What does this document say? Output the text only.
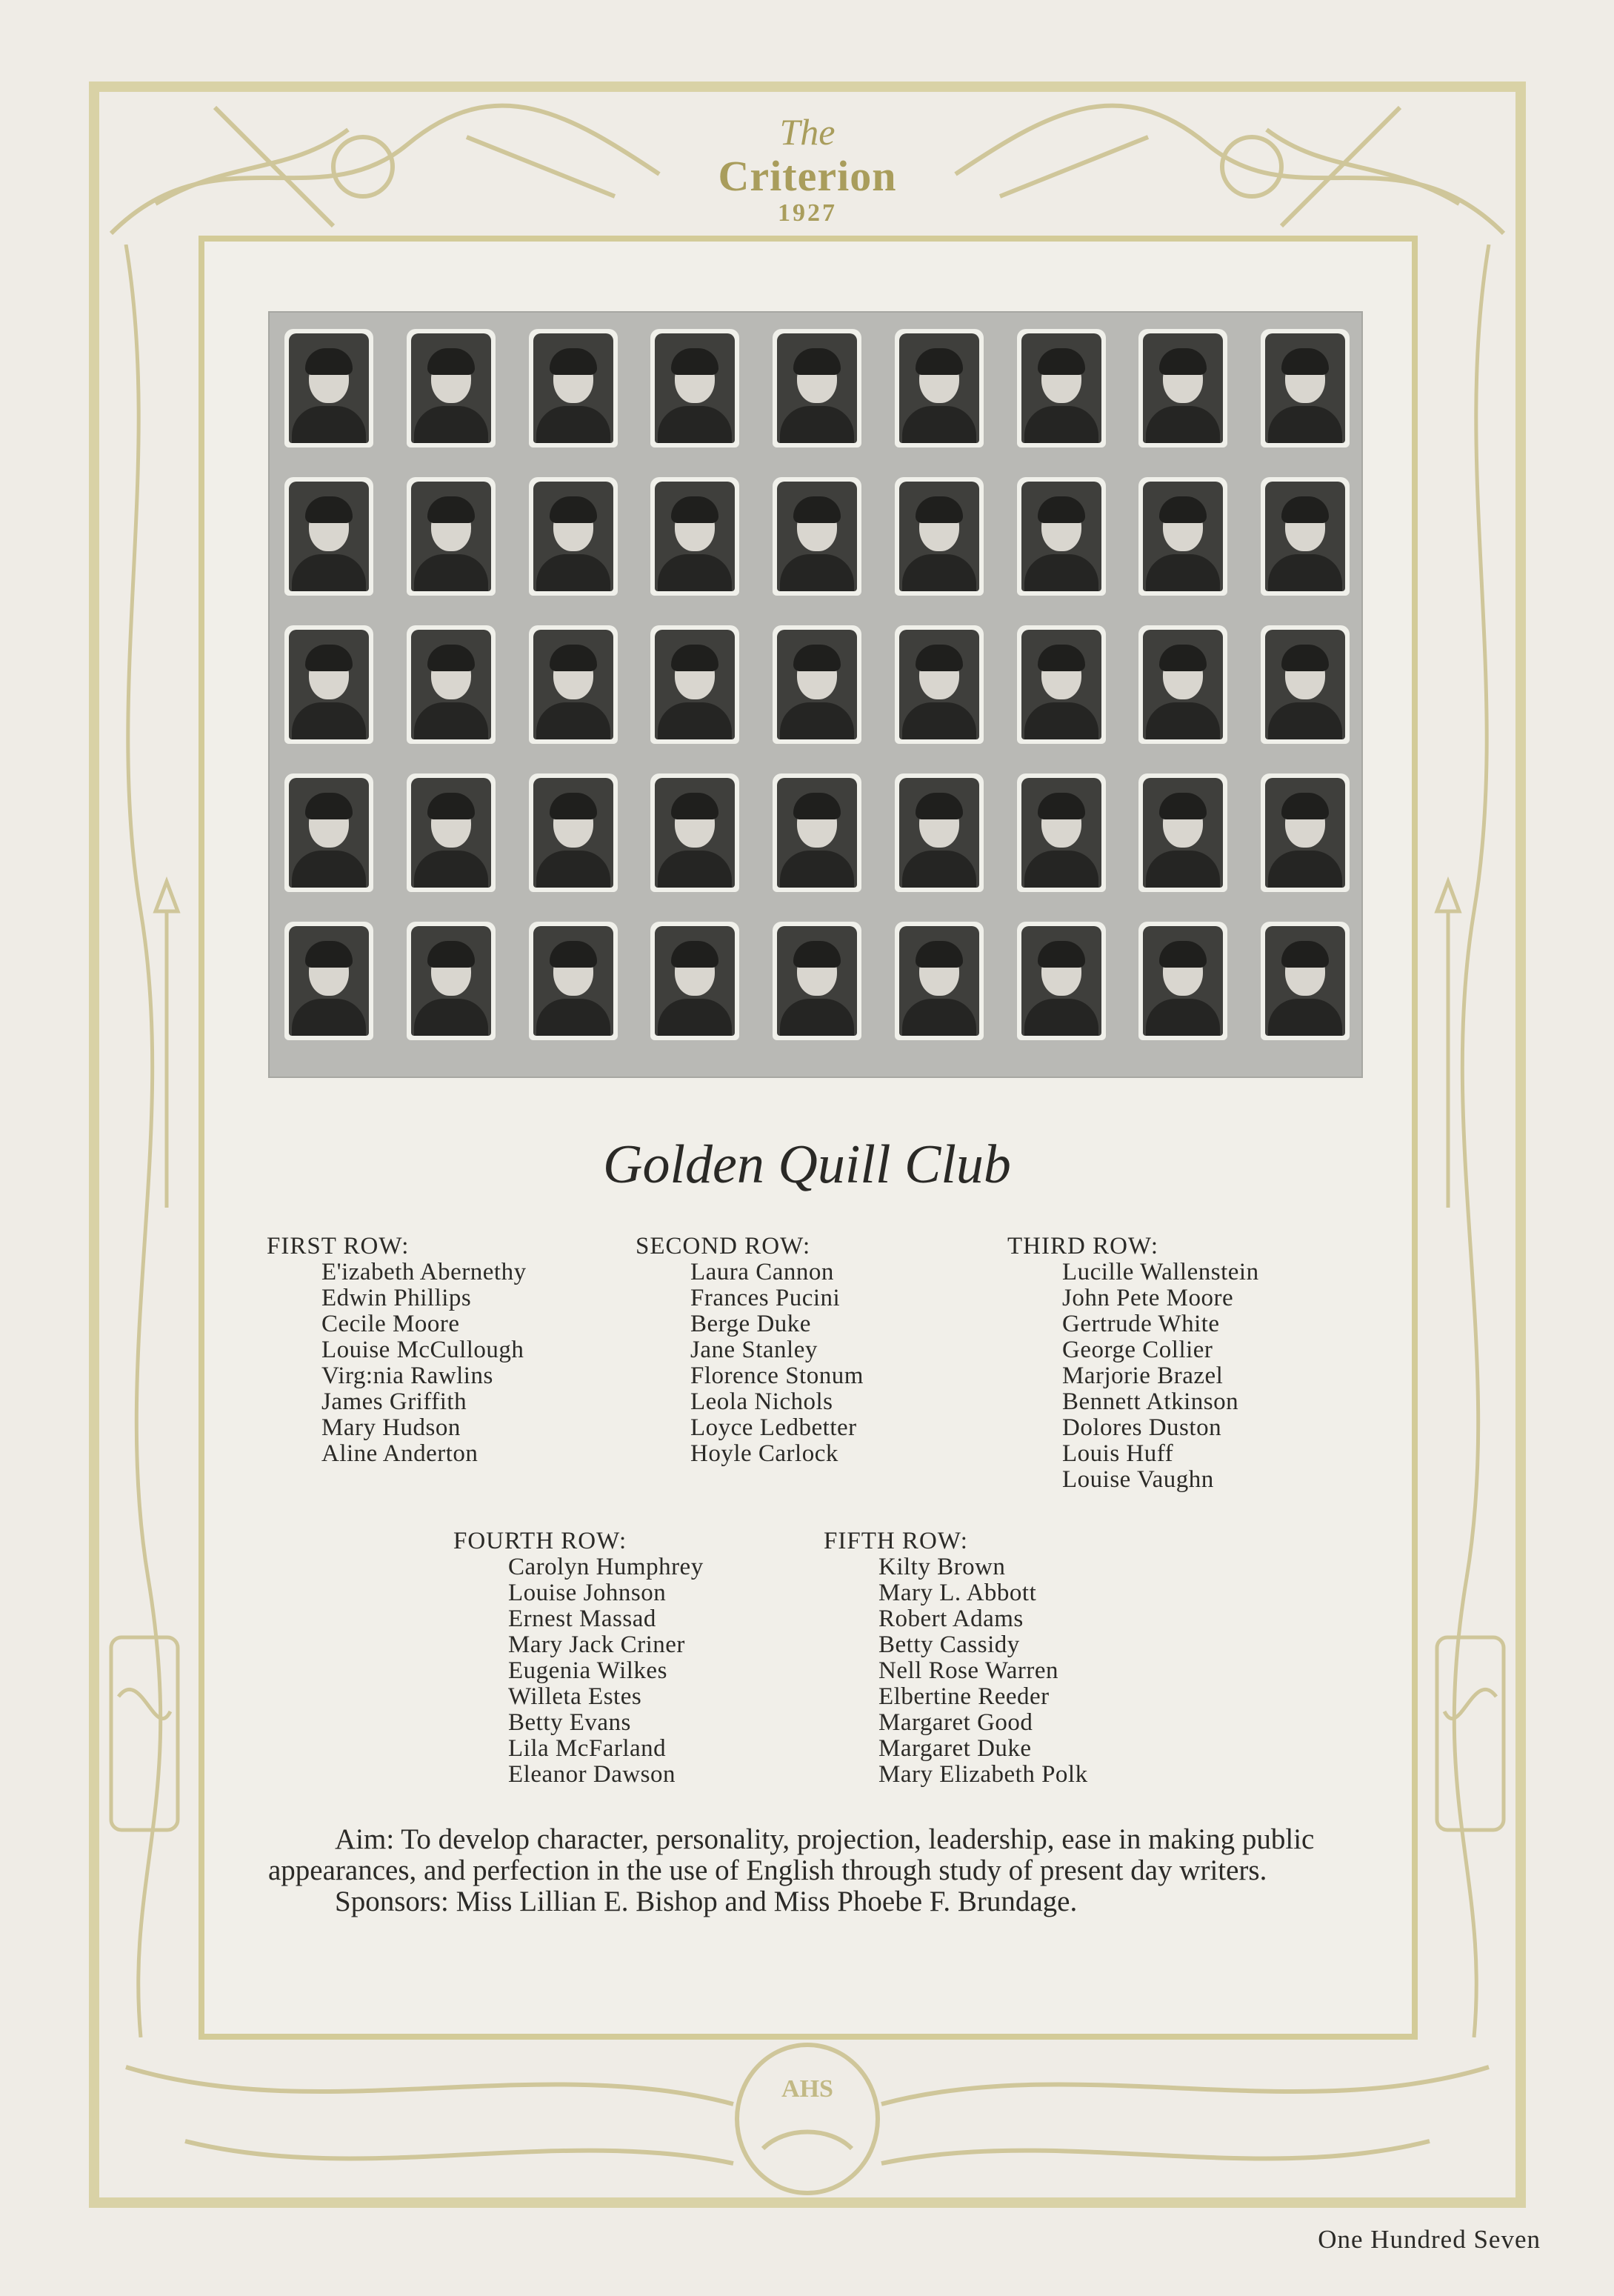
AHS
The
Criterion
1927
Golden Quill Club
FIRST ROW:
E'izabeth Abernethy
Edwin Phillips
Cecile Moore
Louise McCullough
Virg:nia Rawlins
James Griffith
Mary Hudson
Aline Anderton
SECOND ROW:
Laura Cannon
Frances Pucini
Berge Duke
Jane Stanley
Florence Stonum
Leola Nichols
Loyce Ledbetter
Hoyle Carlock
THIRD ROW:
Lucille Wallenstein
John Pete Moore
Gertrude White
George Collier
Marjorie Brazel
Bennett Atkinson
Dolores Duston
Louis Huff
Louise Vaughn
FOURTH ROW:
Carolyn Humphrey
Louise Johnson
Ernest Massad
Mary Jack Criner
Eugenia Wilkes
Willeta Estes
Betty Evans
Lila McFarland
Eleanor Dawson
FIFTH ROW:
Kilty Brown
Mary L. Abbott
Robert Adams
Betty Cassidy
Nell Rose Warren
Elbertine Reeder
Margaret Good
Margaret Duke
Mary Elizabeth Polk

Aim: To develop character, personality, projection, leadership, ease in making public appearances, and perfection in the use of English through study of present day writers.

Sponsors: Miss Lillian E. Bishop and Miss Phoebe F. Brundage.

One Hundred Seven
